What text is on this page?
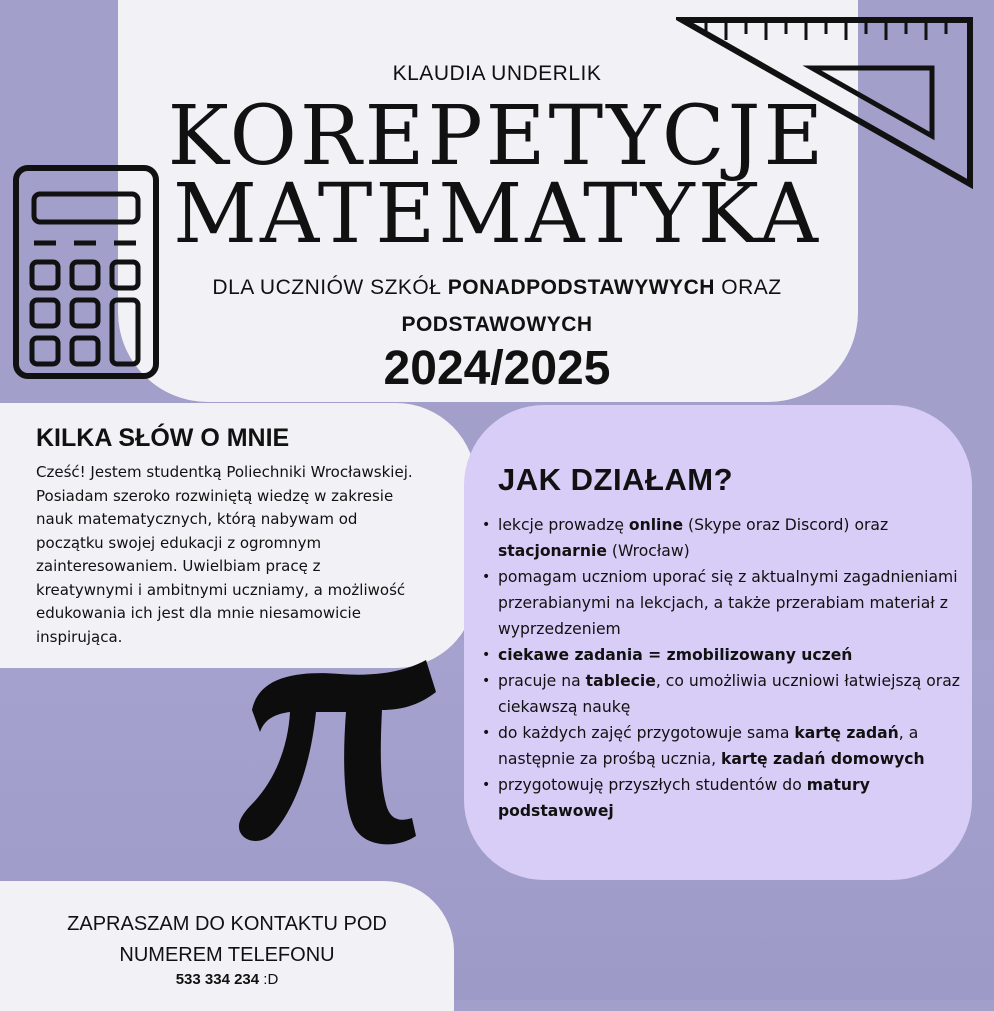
KLAUDIA UNDERLIK
KOREPETYCJE
MATEMATYKA
DLA UCZNIÓW SZKÓŁ PONADPODSTAWYWYCH ORAZ
PODSTAWOWYCH
2024/2025
KILKA SŁÓW O MNIE
Cześć! Jestem studentką Poliechniki Wrocławskiej. Posiadam szeroko rozwiniętą wiedzę w zakresie nauk matematycznych, którą nabywam od początku swojej edukacji z ogromnym zainteresowaniem. Uwielbiam pracę z kreatywnymi i ambitnymi uczniamy, a możliwość edukowania ich jest dla mnie niesamowicie inspirująca.
JAK DZIAŁAM?
• lekcje prowadzę online (Skype oraz Discord) oraz stacjonarnie (Wrocław)
• pomagam uczniom uporać się z aktualnymi zagadnieniami przerabianymi na lekcjach, a także przerabiam materiał z wyprzedzeniem
• ciekawe zadania = zmobilizowany uczeń
• pracuje na tablecie, co umożliwia uczniowi łatwiejszą oraz ciekawszą naukę
• do każdych zajęć przygotowuje sama kartę zadań, a następnie za prośbą ucznia, kartę zadań domowych
• przygotowuję przyszłych studentów do matury podstawowej
ZAPRASZAM DO KONTAKTU POD
NUMEREM TELEFONU
533 334 234 :D
